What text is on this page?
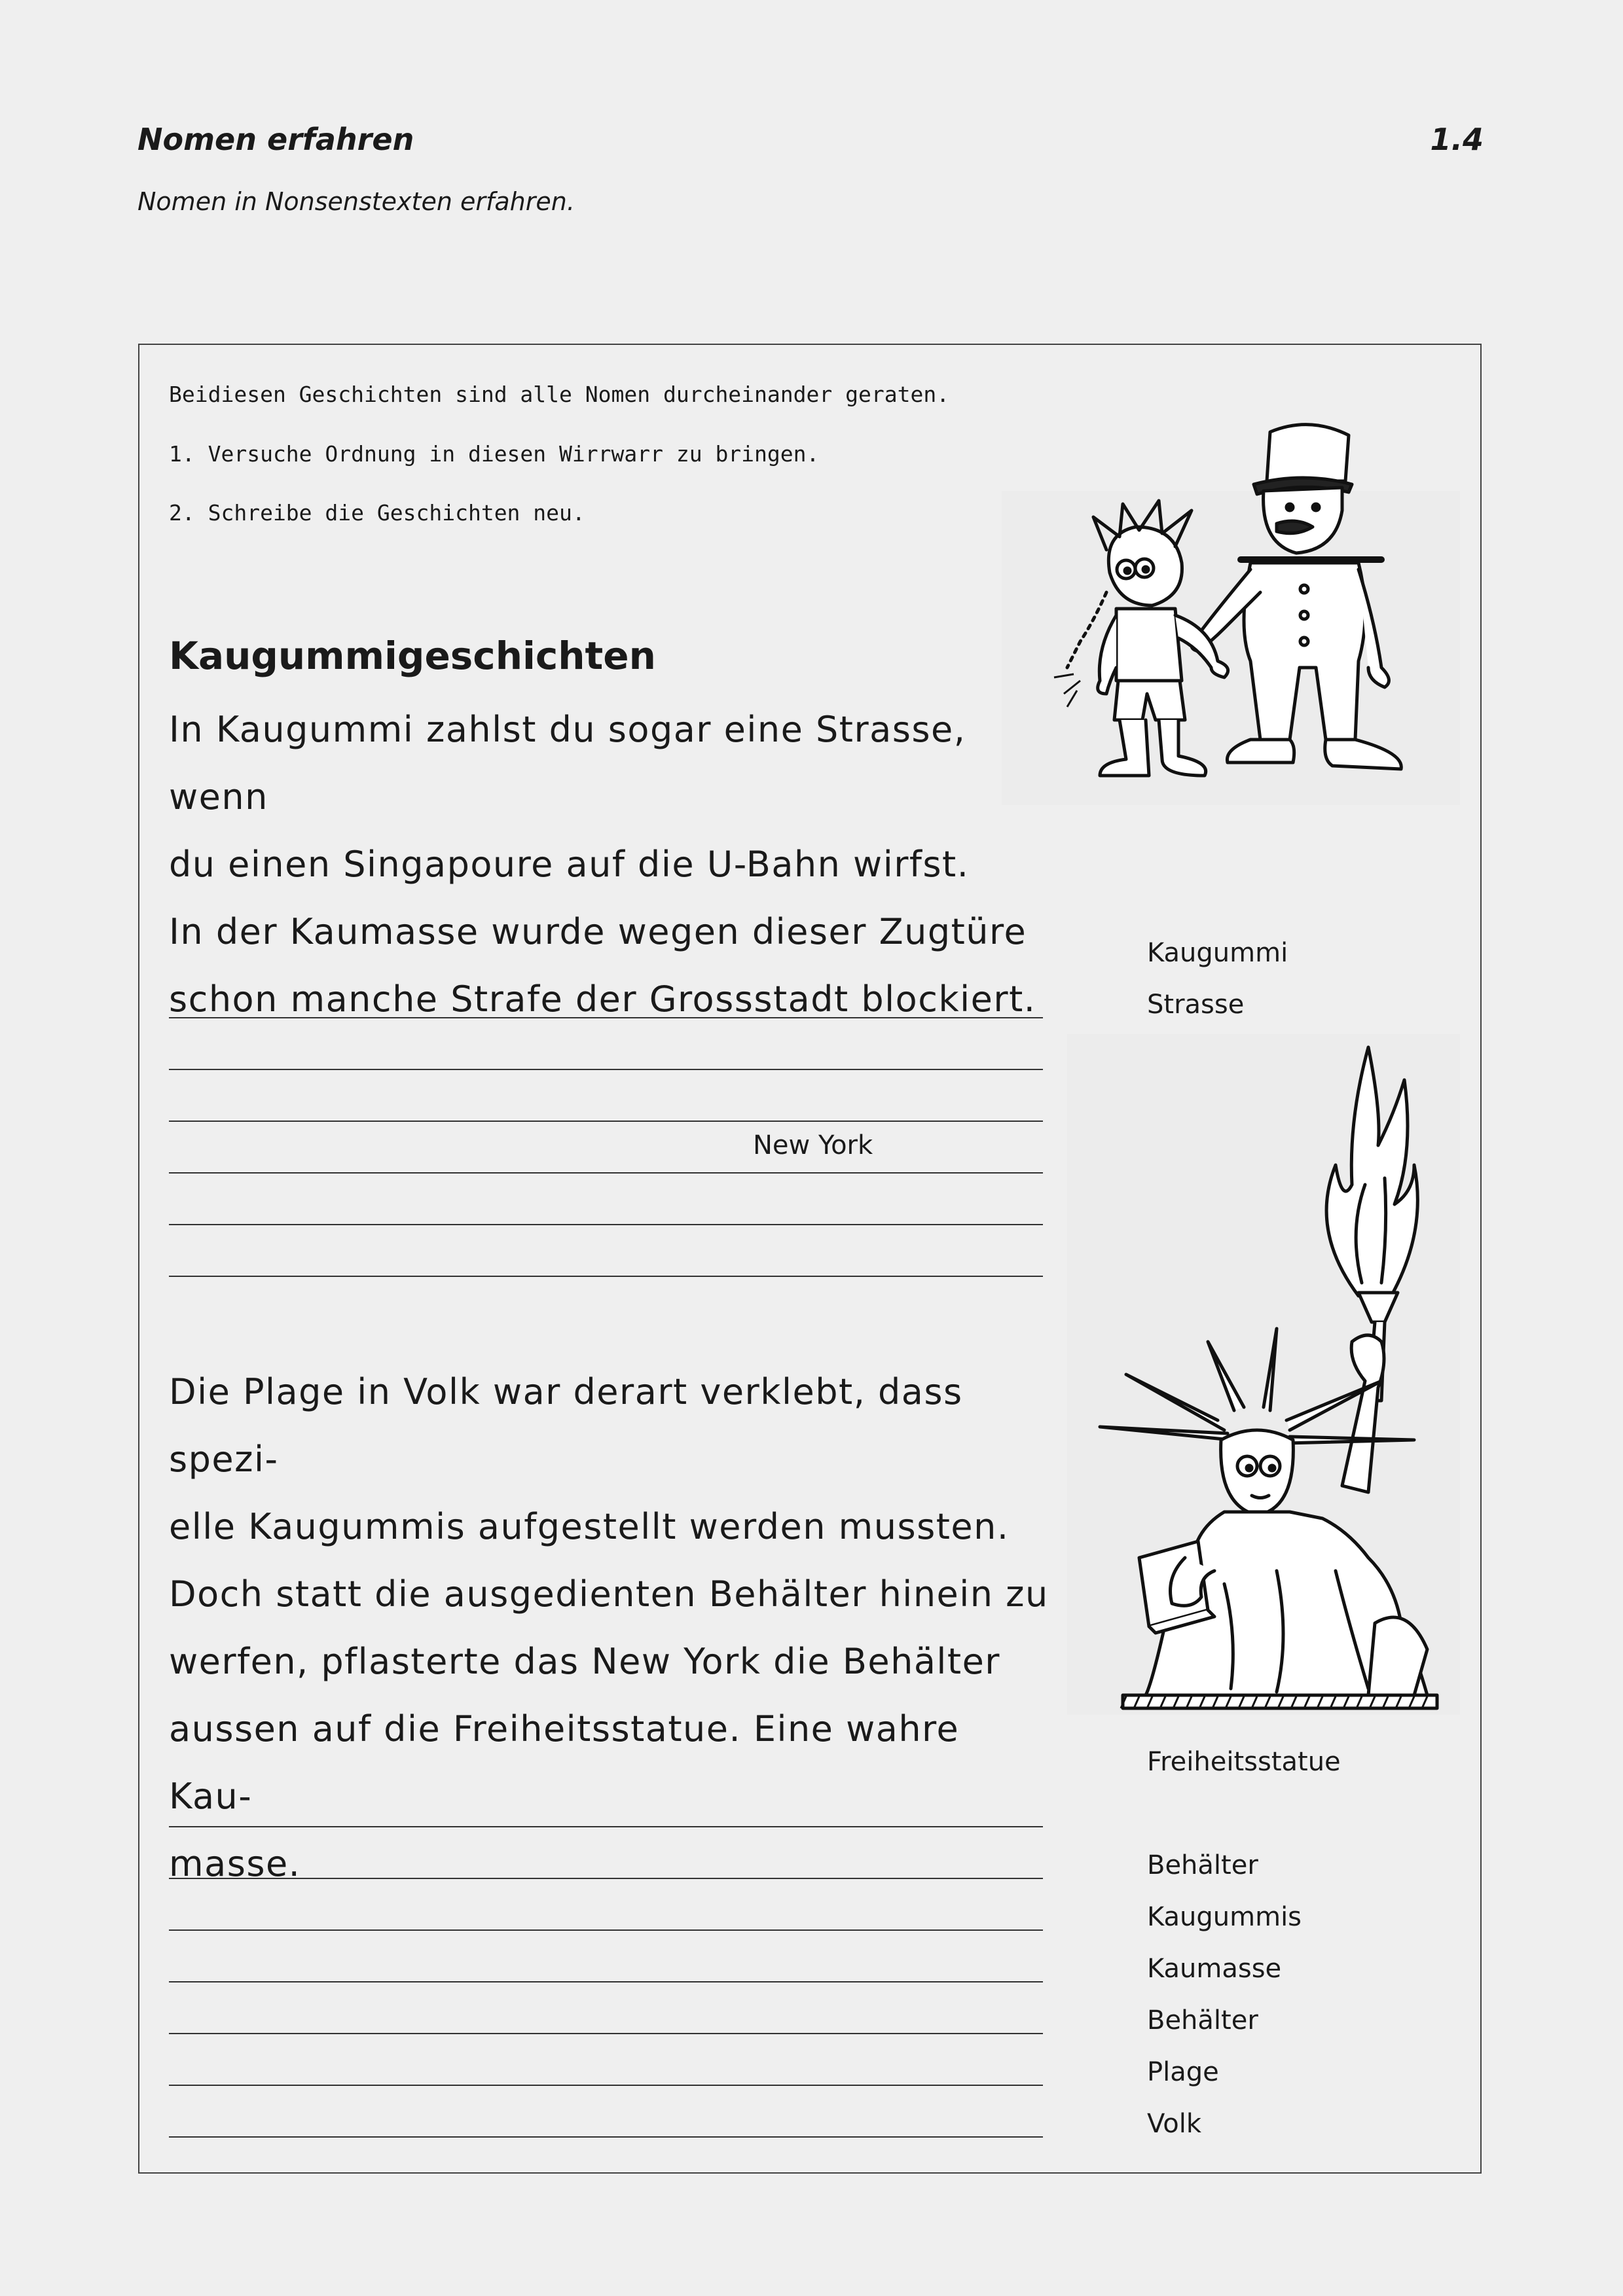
Nomen erfahren	1.4
Nomen in Nonsenstexten erfahren.
Beidiesen Geschichten sind alle Nomen durcheinander geraten.
1. Versuche Ordnung in diesen Wirrwarr zu bringen.
2. Schreibe die Geschichten neu.
Kaugummigeschichten

In Kaugummi zahlst du sogar eine Strasse, wenn

du einen Singapoure auf die U-Bahn wirfst.

In der Kaumasse wurde wegen dieser Zugtüre

schon manche Strafe der Grossstadt blockiert.

New York

Die Plage in Volk war derart verklebt, dass spezi-

elle Kaugummis aufgestellt werden mussten.

Doch statt die ausgedienten Behälter hinein zu

werfen, pflasterte das New York die Behälter

aussen auf die Freiheitsstatue. Eine wahre Kau-

masse.

Kaugummi
Strasse
Freiheitsstatue
Behälter
Kaugummis
Kaumasse
Behälter
Plage
Volk
